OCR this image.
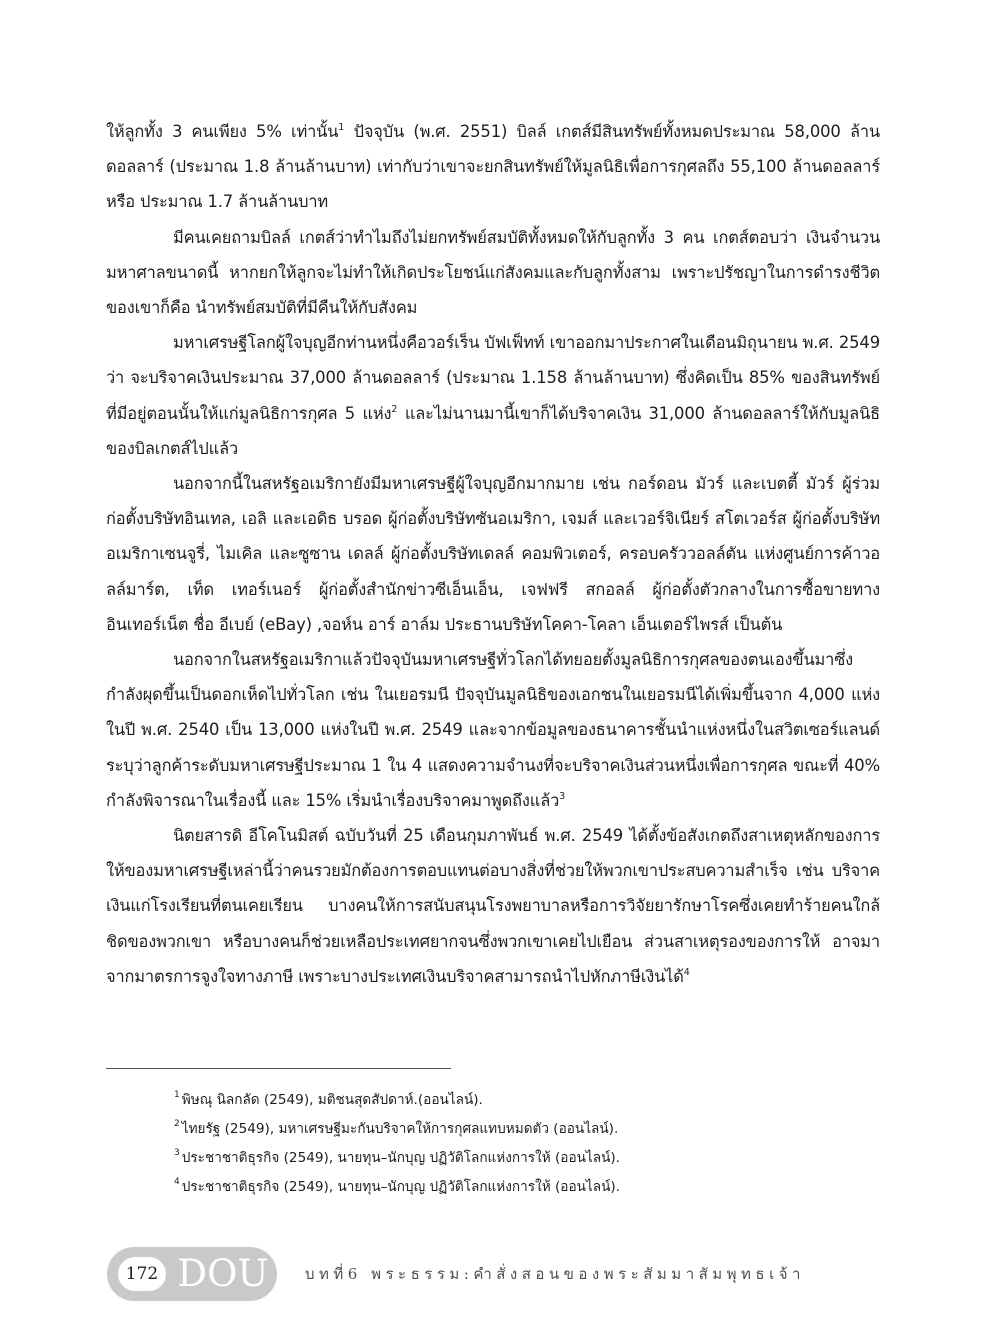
ให้ลูกทั้ง 3 คนเพียง 5% เท่านั้น$^1$ ปัจจุบัน (พ.ศ. 2551) บิลล์ เกตส์มีสินทรัพย์ทั้งหมดประมาณ 58,000 ล้านดอลลาร์ (ประมาณ 1.8 ล้านล้านบาท) เท่ากับว่าเขาจะยกสินทรัพย์ให้มูลนิธิเพื่อการกุศลถึง 55,100 ล้านดอลลาร์ หรือ ประมาณ 1.7 ล้านล้านบาท

มีคนเคยถามบิลล์ เกตส์ว่าทำไมถึงไม่ยกทรัพย์สมบัติทั้งหมดให้กับลูกทั้ง 3 คน เกตส์ตอบว่า เงินจำนวนมหาศาลขนาดนี้ หากยกให้ลูกจะไม่ทำให้เกิดประโยชน์แก่สังคมและกับลูกทั้งสาม เพราะปรัชญาในการดำรงชีวิตของเขาก็คือ นำทรัพย์สมบัติที่มีคืนให้กับสังคม

มหาเศรษฐีโลกผู้ใจบุญอีกท่านหนึ่งคือวอร์เร็น บัฟเฟ็ทท์ เขาออกมาประกาศในเดือนมิถุนายน พ.ศ. 2549 ว่า จะบริจาคเงินประมาณ 37,000 ล้านดอลลาร์ (ประมาณ 1.158 ล้านล้านบาท) ซึ่งคิดเป็น 85% ของสินทรัพย์ที่มีอยู่ตอนนั้นให้แก่มูลนิธิการกุศล 5 แห่ง$^2$ และไม่นานมานี้เขาก็ได้บริจาคเงิน 31,000 ล้านดอลลาร์ให้กับมูลนิธิของบิลเกตส์ไปแล้ว

นอกจากนี้ในสหรัฐอเมริกายังมีมหาเศรษฐีผู้ใจบุญอีกมากมาย เช่น กอร์ดอน มัวร์ และเบตตี้ มัวร์ ผู้ร่วมก่อตั้งบริษัทอินเทล, เอลิ และเอดิธ บรอด ผู้ก่อตั้งบริษัทซันอเมริกา, เจมส์ และเวอร์จิเนียร์ สโตเวอร์ส ผู้ก่อตั้งบริษัทอเมริกาเซนจูรี่, ไมเคิล และซูซาน เดลล์ ผู้ก่อตั้งบริษัทเดลล์ คอมพิวเตอร์, ครอบครัววอลล์ตัน แห่งศูนย์การค้าวอลล์มาร์ต, เท็ด เทอร์เนอร์ ผู้ก่อตั้งสำนักข่าวซีเอ็นเอ็น, เจฟฟรี สกอลล์ ผู้ก่อตั้งตัวกลางในการซื้อขายทางอินเทอร์เน็ต ชื่อ อีเบย์ (eBay) ,จอห์น อาร์ อาล์ม ประธานบริษัทโคคา-โคลา เอ็นเตอร์ไพรส์ เป็นต้น

นอกจากในสหรัฐอเมริกาแล้วปัจจุบันมหาเศรษฐีทั่วโลกได้ทยอยตั้งมูลนิธิการกุศลของตนเองขึ้นมาซึ่งกำลังผุดขึ้นเป็นดอกเห็ดไปทั่วโลก เช่น ในเยอรมนี ปัจจุบันมูลนิธิของเอกชนในเยอรมนีได้เพิ่มขึ้นจาก 4,000 แห่ง ในปี พ.ศ. 2540 เป็น 13,000 แห่งในปี พ.ศ. 2549 และจากข้อมูลของธนาคารชั้นนำแห่งหนึ่งในสวิตเซอร์แลนด์ ระบุว่าลูกค้าระดับมหาเศรษฐีประมาณ 1 ใน 4 แสดงความจำนงที่จะบริจาคเงินส่วนหนึ่งเพื่อการกุศล ขณะที่ 40% กำลังพิจารณาในเรื่องนี้ และ 15% เริ่มนำเรื่องบริจาคมาพูดถึงแล้ว$^3$

นิตยสารดิ อีโคโนมิสต์ ฉบับวันที่ 25 เดือนกุมภาพันธ์ พ.ศ. 2549 ได้ตั้งข้อสังเกตถึงสาเหตุหลักของการให้ของมหาเศรษฐีเหล่านี้ว่าคนรวยมักต้องการตอบแทนต่อบางสิ่งที่ช่วยให้พวกเขาประสบความสำเร็จ เช่น บริจาคเงินแก่โรงเรียนที่ตนเคยเรียน บางคนให้การสนับสนุนโรงพยาบาลหรือการวิจัยยารักษาโรคซึ่งเคยทำร้ายคนใกล้ชิดของพวกเขา หรือบางคนก็ช่วยเหลือประเทศยากจนซึ่งพวกเขาเคยไปเยือน ส่วนสาเหตุรองของการให้ อาจมาจากมาตรการจูงใจทางภาษี เพราะบางประเทศเงินบริจาคสามารถนำไปหักภาษีเงินได้$^4$

$^1$ พิษณุ นิลกลัด (2549), มติชนสุดสัปดาห์.(ออนไลน์).

$^2$ ไทยรัฐ (2549), มหาเศรษฐีมะกันบริจาคให้การกุศลแทบหมดตัว (ออนไลน์).

$^3$ ประชาชาติธุรกิจ (2549), นายทุน–นักบุญ ปฏิวัติโลกแห่งการให้ (ออนไลน์).

$^4$ ประชาชาติธุรกิจ (2549), นายทุน–นักบุญ ปฏิวัติโลกแห่งการให้ (ออนไลน์).

172 DOU บทที่6 พระธรรม:คำสั่งสอนของพระสัมมาสัมพุทธเจ้า
